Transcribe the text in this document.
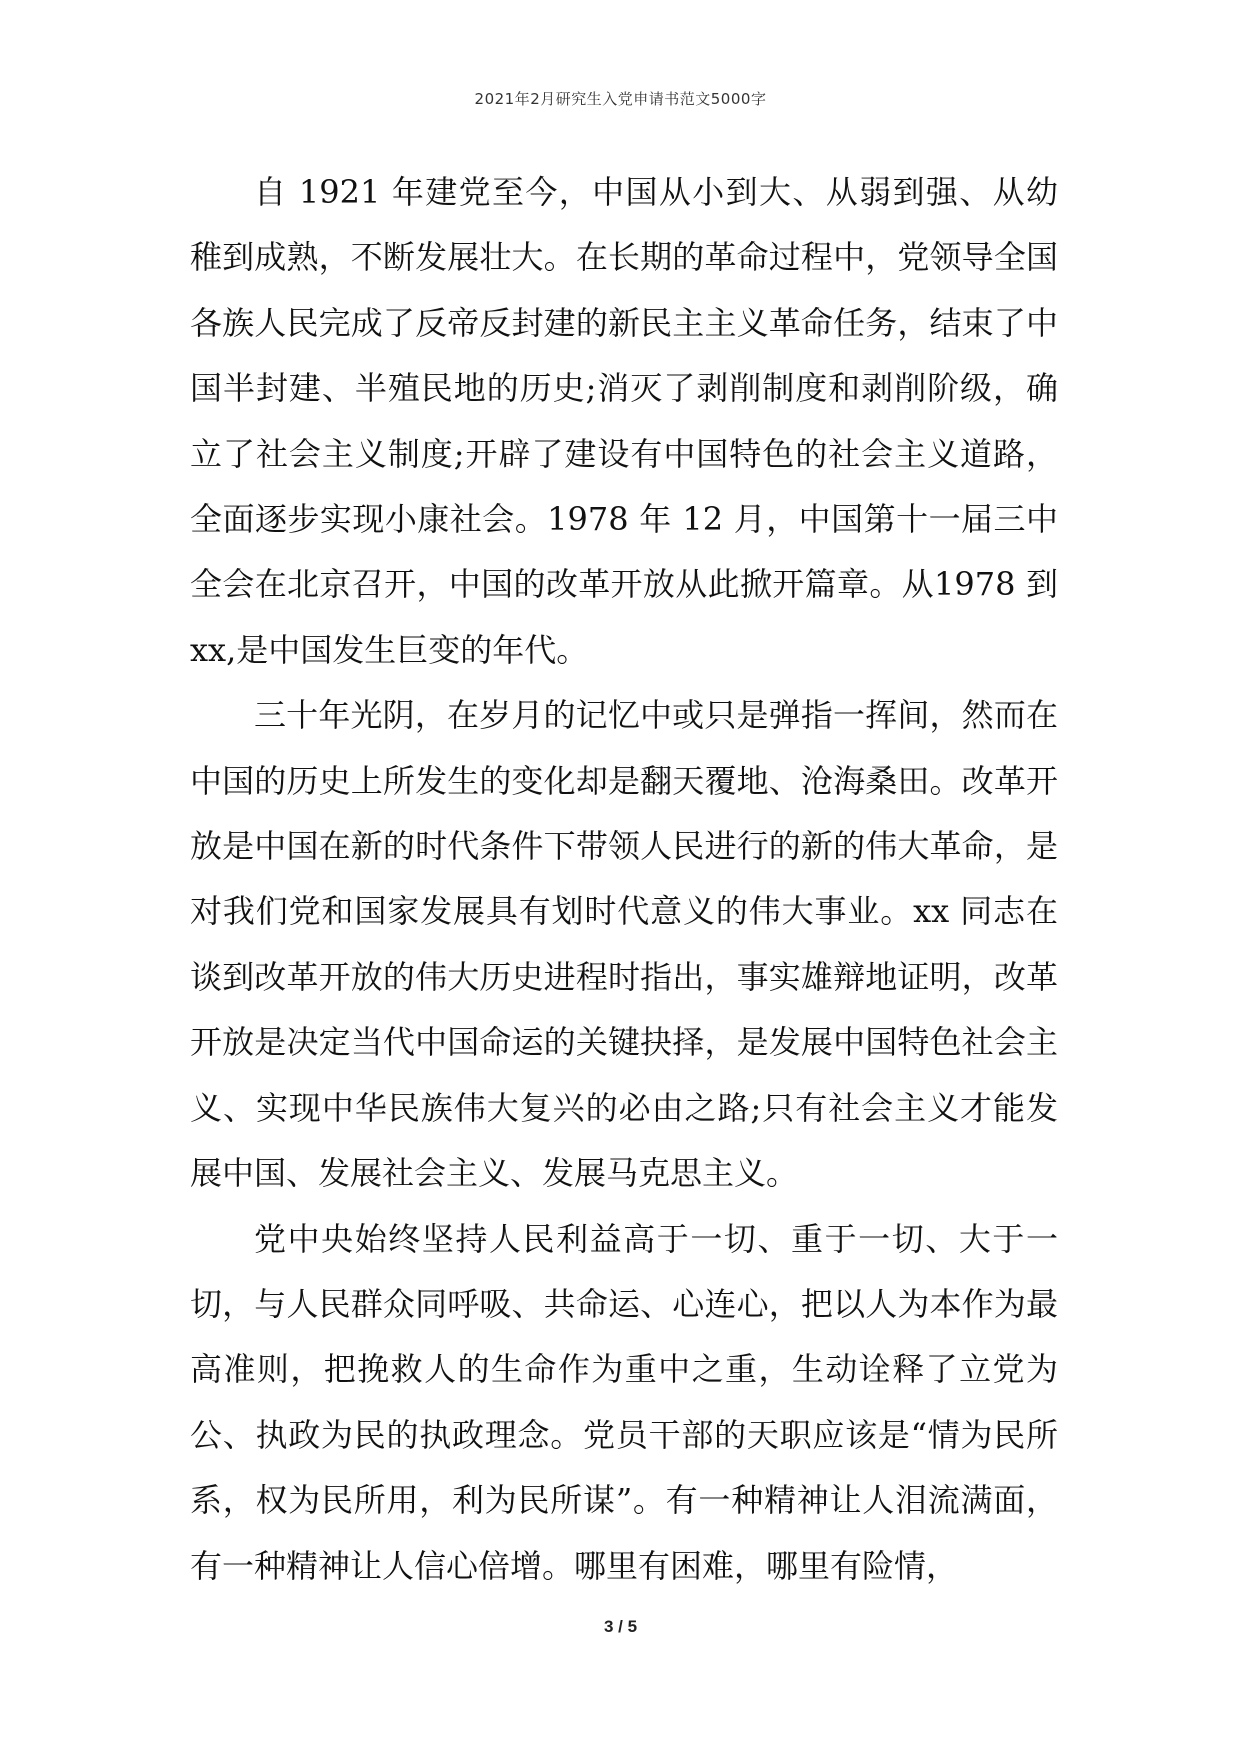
2021年2月研究生入党申请书范文5000字

自 1921 年建党至今，中国从小到大、从弱到强、从幼稚到成熟，不断发展壮大。在长期的革命过程中，党领导全国各族人民完成了反帝反封建的新民主主义革命任务，结束了中国半封建、半殖民地的历史;消灭了剥削制度和剥削阶级，确立了社会主义制度;开辟了建设有中国特色的社会主义道路，全面逐步实现小康社会。1978 年 12 月，中国第十一届三中全会在北京召开，中国的改革开放从此掀开篇章。从1978 到 xx,是中国发生巨变的年代。

三十年光阴，在岁月的记忆中或只是弹指一挥间，然而在中国的历史上所发生的变化却是翻天覆地、沧海桑田。改革开放是中国在新的时代条件下带领人民进行的新的伟大革命，是对我们党和国家发展具有划时代意义的伟大事业。xx 同志在谈到改革开放的伟大历史进程时指出，事实雄辩地证明，改革开放是决定当代中国命运的关键抉择，是发展中国特色社会主义、实现中华民族伟大复兴的必由之路;只有社会主义才能发展中国、发展社会主义、发展马克思主义。

党中央始终坚持人民利益高于一切、重于一切、大于一切，与人民群众同呼吸、共命运、心连心，把以人为本作为最高准则，把挽救人的生命作为重中之重，生动诠释了立党为公、执政为民的执政理念。党员干部的天职应该是“情为民所系，权为民所用，利为民所谋”。有一种精神让人泪流满面，有一种精神让人信心倍增。哪里有困难，哪里有险情，

3 / 5
